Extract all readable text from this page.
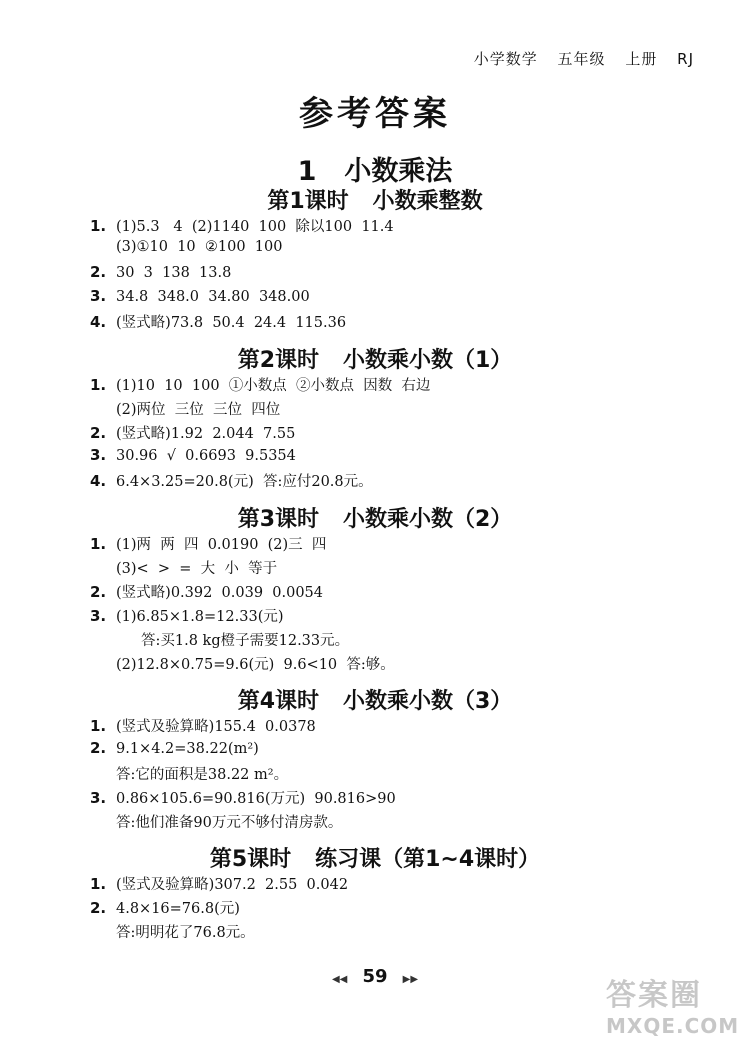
小学数学 五年级 上册 RJ
参考答案
1 小数乘法
第1课时 小数乘整数
1. (1)5.3   4  (2)1140  100  除以100  11.4
(3)①10  10  ②100  100
2. 30  3  138  13.8
3. 34.8  348.0  34.80  348.00
4. (竖式略)73.8  50.4  24.4  115.36
第2课时 小数乘小数（1）
1. (1)10  10  100  ①小数点  ②小数点  因数  右边
(2)两位  三位  三位  四位
2. (竖式略)1.92  2.044  7.55
3. 30.96  √  0.6693  9.5354
4. 6.4×3.25=20.8(元)  答:应付20.8元。
第3课时 小数乘小数（2）
1. (1)两  两  四  0.0190  (2)三  四
(3)<  >  =  大  小  等于
2. (竖式略)0.392  0.039  0.0054
3. (1)6.85×1.8=12.33(元)
答:买1.8 kg橙子需要12.33元。
(2)12.8×0.75=9.6(元)  9.6<10  答:够。
第4课时 小数乘小数（3）
1. (竖式及验算略)155.4  0.0378
2. 9.1×4.2=38.22(m²)
答:它的面积是38.22 m²。
3. 0.86×105.6=90.816(万元)  90.816>90
答:他们准备90万元不够付清房款。
第5课时 练习课（第1~4课时）
1. (竖式及验算略)307.2  2.55  0.042
2. 4.8×16=76.8(元)
答:明明花了76.8元。
◀◀ 59 ▶▶	答案圈
MXQE.COM
